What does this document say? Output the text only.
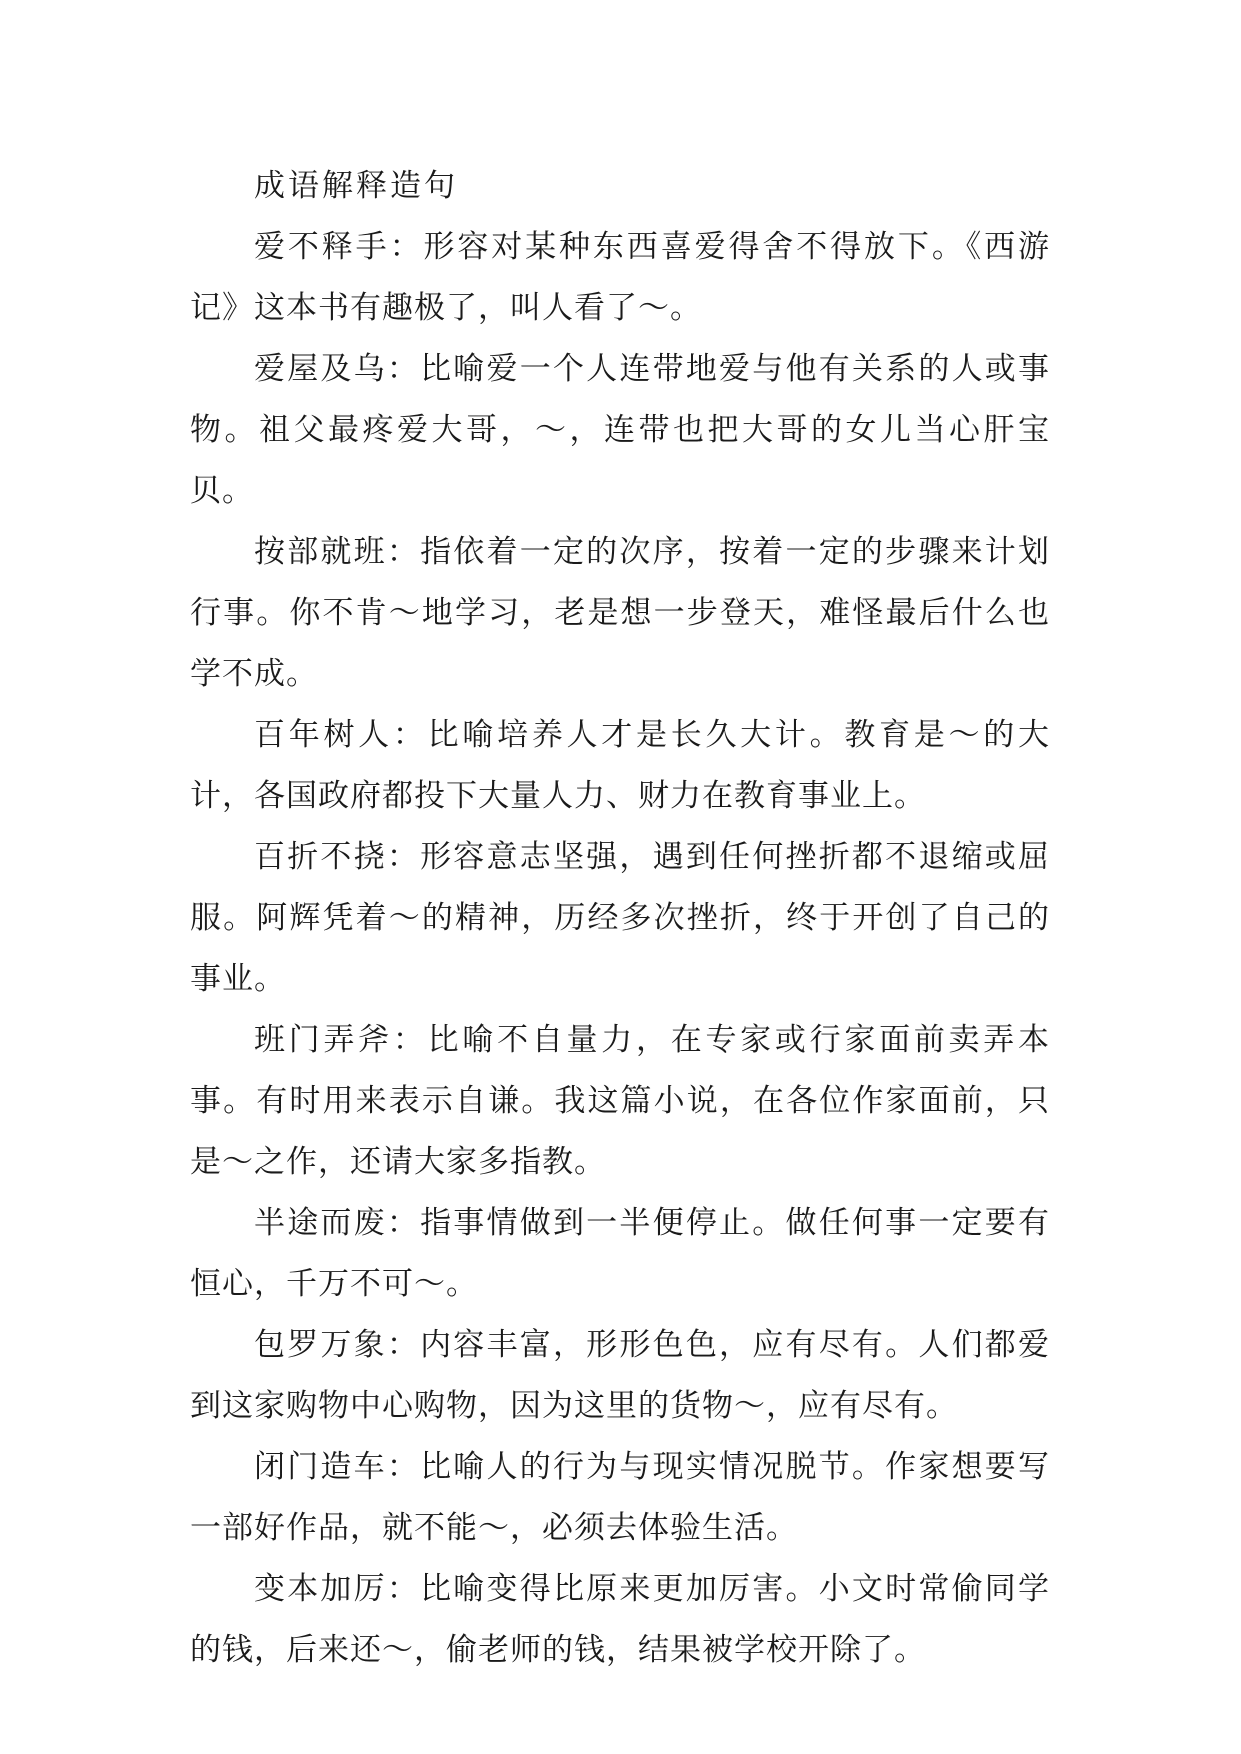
成语解释造句

爱不释手：形容对某种东西喜爱得舍不得放下。《西游记》这本书有趣极了，叫人看了～。

爱屋及乌：比喻爱一个人连带地爱与他有关系的人或事物。祖父最疼爱大哥，～，连带也把大哥的女儿当心肝宝贝。

按部就班：指依着一定的次序，按着一定的步骤来计划行事。你不肯～地学习，老是想一步登天，难怪最后什么也学不成。

百年树人：比喻培养人才是长久大计。教育是～的大计，各国政府都投下大量人力、财力在教育事业上。

百折不挠：形容意志坚强，遇到任何挫折都不退缩或屈服。阿辉凭着～的精神，历经多次挫折，终于开创了自己的事业。

班门弄斧：比喻不自量力，在专家或行家面前卖弄本事。有时用来表示自谦。我这篇小说，在各位作家面前，只是～之作，还请大家多指教。

半途而废：指事情做到一半便停止。做任何事一定要有恒心，千万不可～。

包罗万象：内容丰富，形形色色，应有尽有。人们都爱到这家购物中心购物，因为这里的货物～，应有尽有。

闭门造车：比喻人的行为与现实情况脱节。作家想要写一部好作品，就不能～，必须去体验生活。

变本加厉：比喻变得比原来更加厉害。小文时常偷同学的钱，后来还～，偷老师的钱，结果被学校开除了。
